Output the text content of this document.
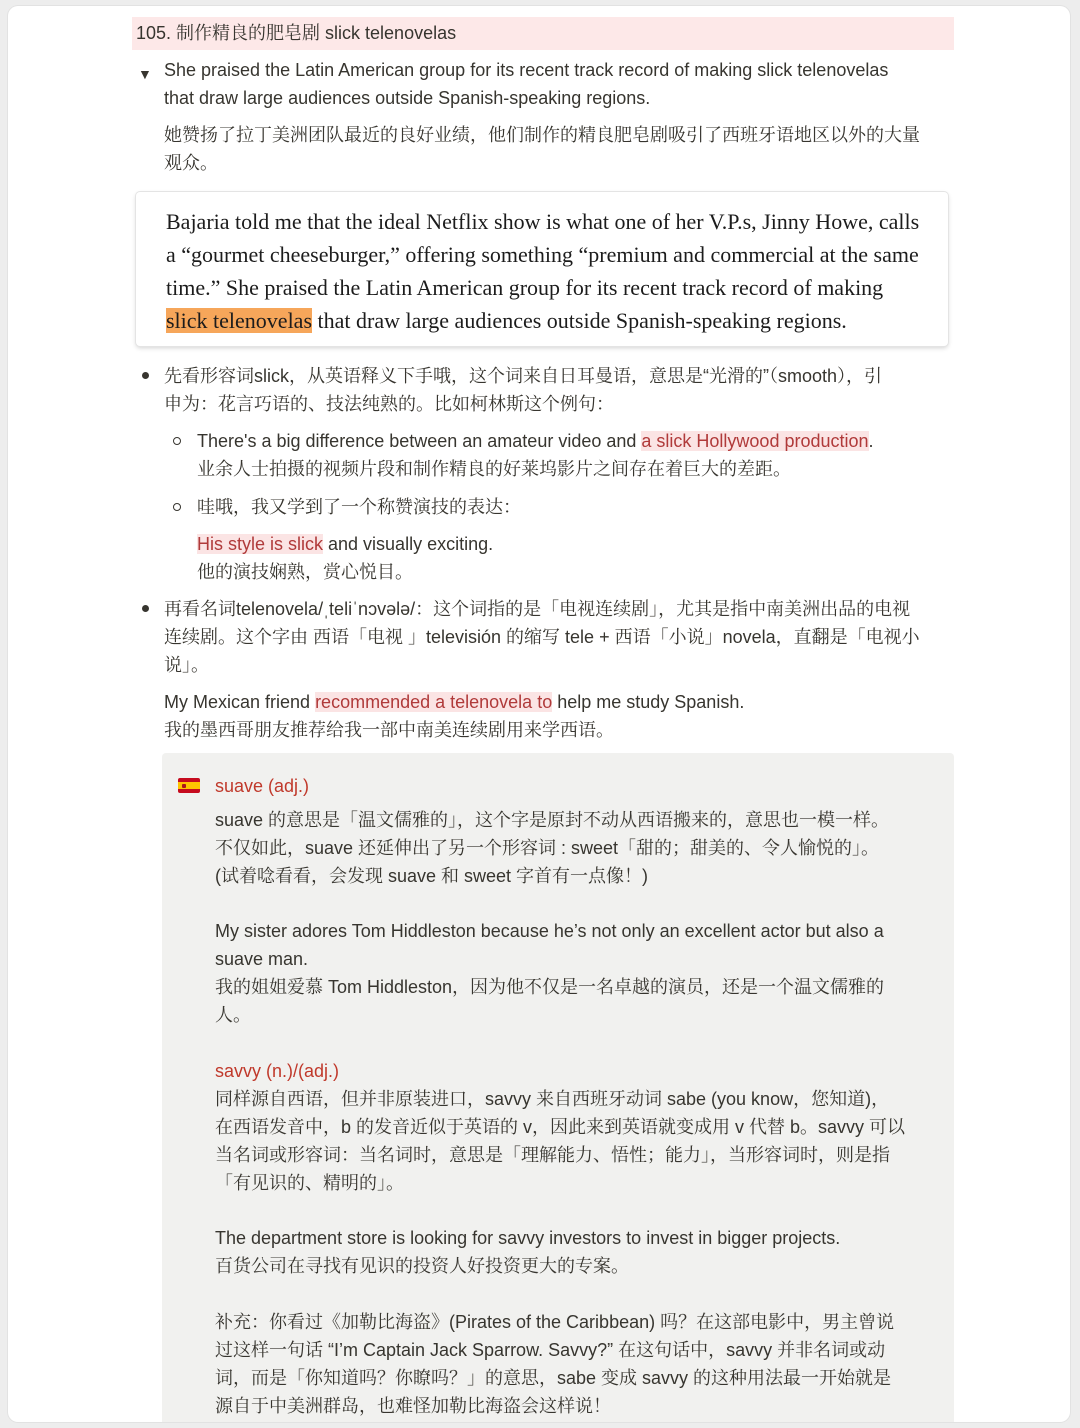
105. 制作精良的肥皂剧 slick telenovelas
▼ She praised the Latin American group for its recent track record of making slick telenovelas
that draw large audiences outside Spanish-speaking regions.
她赞扬了拉丁美洲团队最近的良好业绩，他们制作的精良肥皂剧吸引了西班牙语地区以外的大量
观众。
Bajaria told me that the ideal Netflix show is what one of her V.P.s, Jinny Howe, calls
a “gourmet cheeseburger,” offering something “premium and commercial at the same
time.” She praised the Latin American group for its recent track record of making
slick telenovelas that draw large audiences outside Spanish-speaking regions.
先看形容词slick，从英语释义下手哦，这个词来自日耳曼语，意思是“光滑的”（smooth），引
申为：花言巧语的、技法纯熟的。比如柯林斯这个例句：
There's a big difference between an amateur video and a slick Hollywood production.
业余人士拍摄的视频片段和制作精良的好莱坞影片之间存在着巨大的差距。
哇哦，我又学到了一个称赞演技的表达：
His style is slick and visually exciting.
他的演技娴熟，赏心悦目。
再看名词telenovela/ˌteliˈnɔvələ/：这个词指的是「电视连续剧」，尤其是指中南美洲出品的电视
连续剧。这个字由 西语「电视 」televisión 的缩写 tele + 西语「小说」novela，直翻是「电视小
说」。
My Mexican friend recommended a telenovela to help me study Spanish.
我的墨西哥朋友推荐给我一部中南美连续剧用来学西语。
suave (adj.)
suave 的意思是「温文儒雅的」，这个字是原封不动从西语搬来的，意思也一模一样。
不仅如此，suave 还延伸出了另一个形容词 : sweet「甜的；甜美的、令人愉悦的」。
(试着唸看看，会发现 suave 和 sweet 字首有一点像！)
My sister adores Tom Hiddleston because he’s not only an excellent actor but also a
suave man.
我的姐姐爱慕 Tom Hiddleston，因为他不仅是一名卓越的演员，还是一个温文儒雅的
人。
savvy (n.)/(adj.)
同样源自西语，但并非原装进口，savvy 来自西班牙动词 sabe (you know，您知道)，
在西语发音中，b 的发音近似于英语的 v，因此来到英语就变成用 v 代替 b。savvy 可以
当名词或形容词：当名词时，意思是「理解能力、悟性；能力」，当形容词时，则是指
「有见识的、精明的」。
The department store is looking for savvy investors to invest in bigger projects.
百货公司在寻找有见识的投资人好投资更大的专案。
补充：你看过《加勒比海盗》(Pirates of the Caribbean) 吗？在这部电影中，男主曾说
过这样一句话 “I’m Captain Jack Sparrow. Savvy?” 在这句话中，savvy 并非名词或动
词，而是「你知道吗？你瞭吗？」的意思，sabe 变成 savvy 的这种用法最一开始就是
源自于中美洲群岛，也难怪加勒比海盗会这样说！
